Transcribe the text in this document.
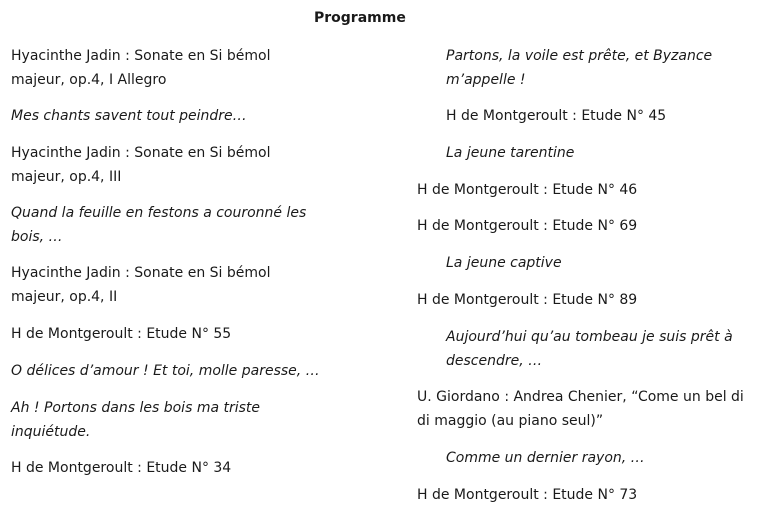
Programme

Hyacinthe Jadin : Sonate en Si bémol majeur, op.4, I Allegro

Mes chants savent tout peindre…

Hyacinthe Jadin : Sonate en Si bémol majeur, op.4, III

Quand la feuille en festons a couronné les bois, …

Hyacinthe Jadin : Sonate en Si bémol majeur, op.4, II

H de Montgeroult : Etude N° 55

O délices d’amour ! Et toi, molle paresse, …

Ah ! Portons dans les bois ma triste inquiétude.

H de Montgeroult : Etude N° 34

Partons, la voile est prête, et Byzance m’appelle !

H de Montgeroult : Etude N° 45

La jeune tarentine

H de Montgeroult : Etude N° 46

H de Montgeroult : Etude N° 69

La jeune captive

H de Montgeroult : Etude N° 89

Aujourd’hui qu’au tombeau je suis prêt à descendre, …

U. Giordano : Andrea Chenier, “Come un bel di di maggio (au piano seul)”

Comme un dernier rayon, …

H de Montgeroult : Etude N° 73
